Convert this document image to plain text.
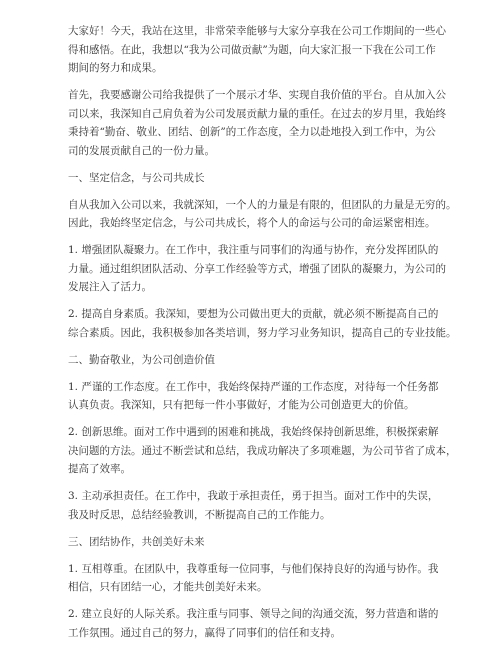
大家好！今天，我站在这里，非常荣幸能够与大家分享我在公司工作期间的一些心
得和感悟。在此，我想以“我为公司做贡献”为题，向大家汇报一下我在公司工作
期间的努力和成果。
首先，我要感谢公司给我提供了一个展示才华、实现自我价值的平台。自从加入公
司以来，我深知自己肩负着为公司发展贡献力量的重任。在过去的岁月里，我始终
秉持着“勤奋、敬业、团结、创新”的工作态度，全力以赴地投入到工作中，为公
司的发展贡献自己的一份力量。
一、坚定信念，与公司共成长
自从我加入公司以来，我就深知，一个人的力量是有限的，但团队的力量是无穷的。
因此，我始终坚定信念，与公司共成长，将个人的命运与公司的命运紧密相连。
1. 增强团队凝聚力。在工作中，我注重与同事们的沟通与协作，充分发挥团队的
力量。通过组织团队活动、分享工作经验等方式，增强了团队的凝聚力，为公司的
发展注入了活力。
2. 提高自身素质。我深知，要想为公司做出更大的贡献，就必须不断提高自己的
综合素质。因此，我积极参加各类培训，努力学习业务知识，提高自己的专业技能。
二、勤奋敬业，为公司创造价值
1. 严谨的工作态度。在工作中，我始终保持严谨的工作态度，对待每一个任务都
认真负责。我深知，只有把每一件小事做好，才能为公司创造更大的价值。
2. 创新思维。面对工作中遇到的困难和挑战，我始终保持创新思维，积极探索解
决问题的方法。通过不断尝试和总结，我成功解决了多项难题，为公司节省了成本，
提高了效率。
3. 主动承担责任。在工作中，我敢于承担责任，勇于担当。面对工作中的失误，
我及时反思，总结经验教训，不断提高自己的工作能力。
三、团结协作，共创美好未来
1. 互相尊重。在团队中，我尊重每一位同事，与他们保持良好的沟通与协作。我
相信，只有团结一心，才能共创美好未来。
2. 建立良好的人际关系。我注重与同事、领导之间的沟通交流，努力营造和谐的
工作氛围。通过自己的努力，赢得了同事们的信任和支持。
